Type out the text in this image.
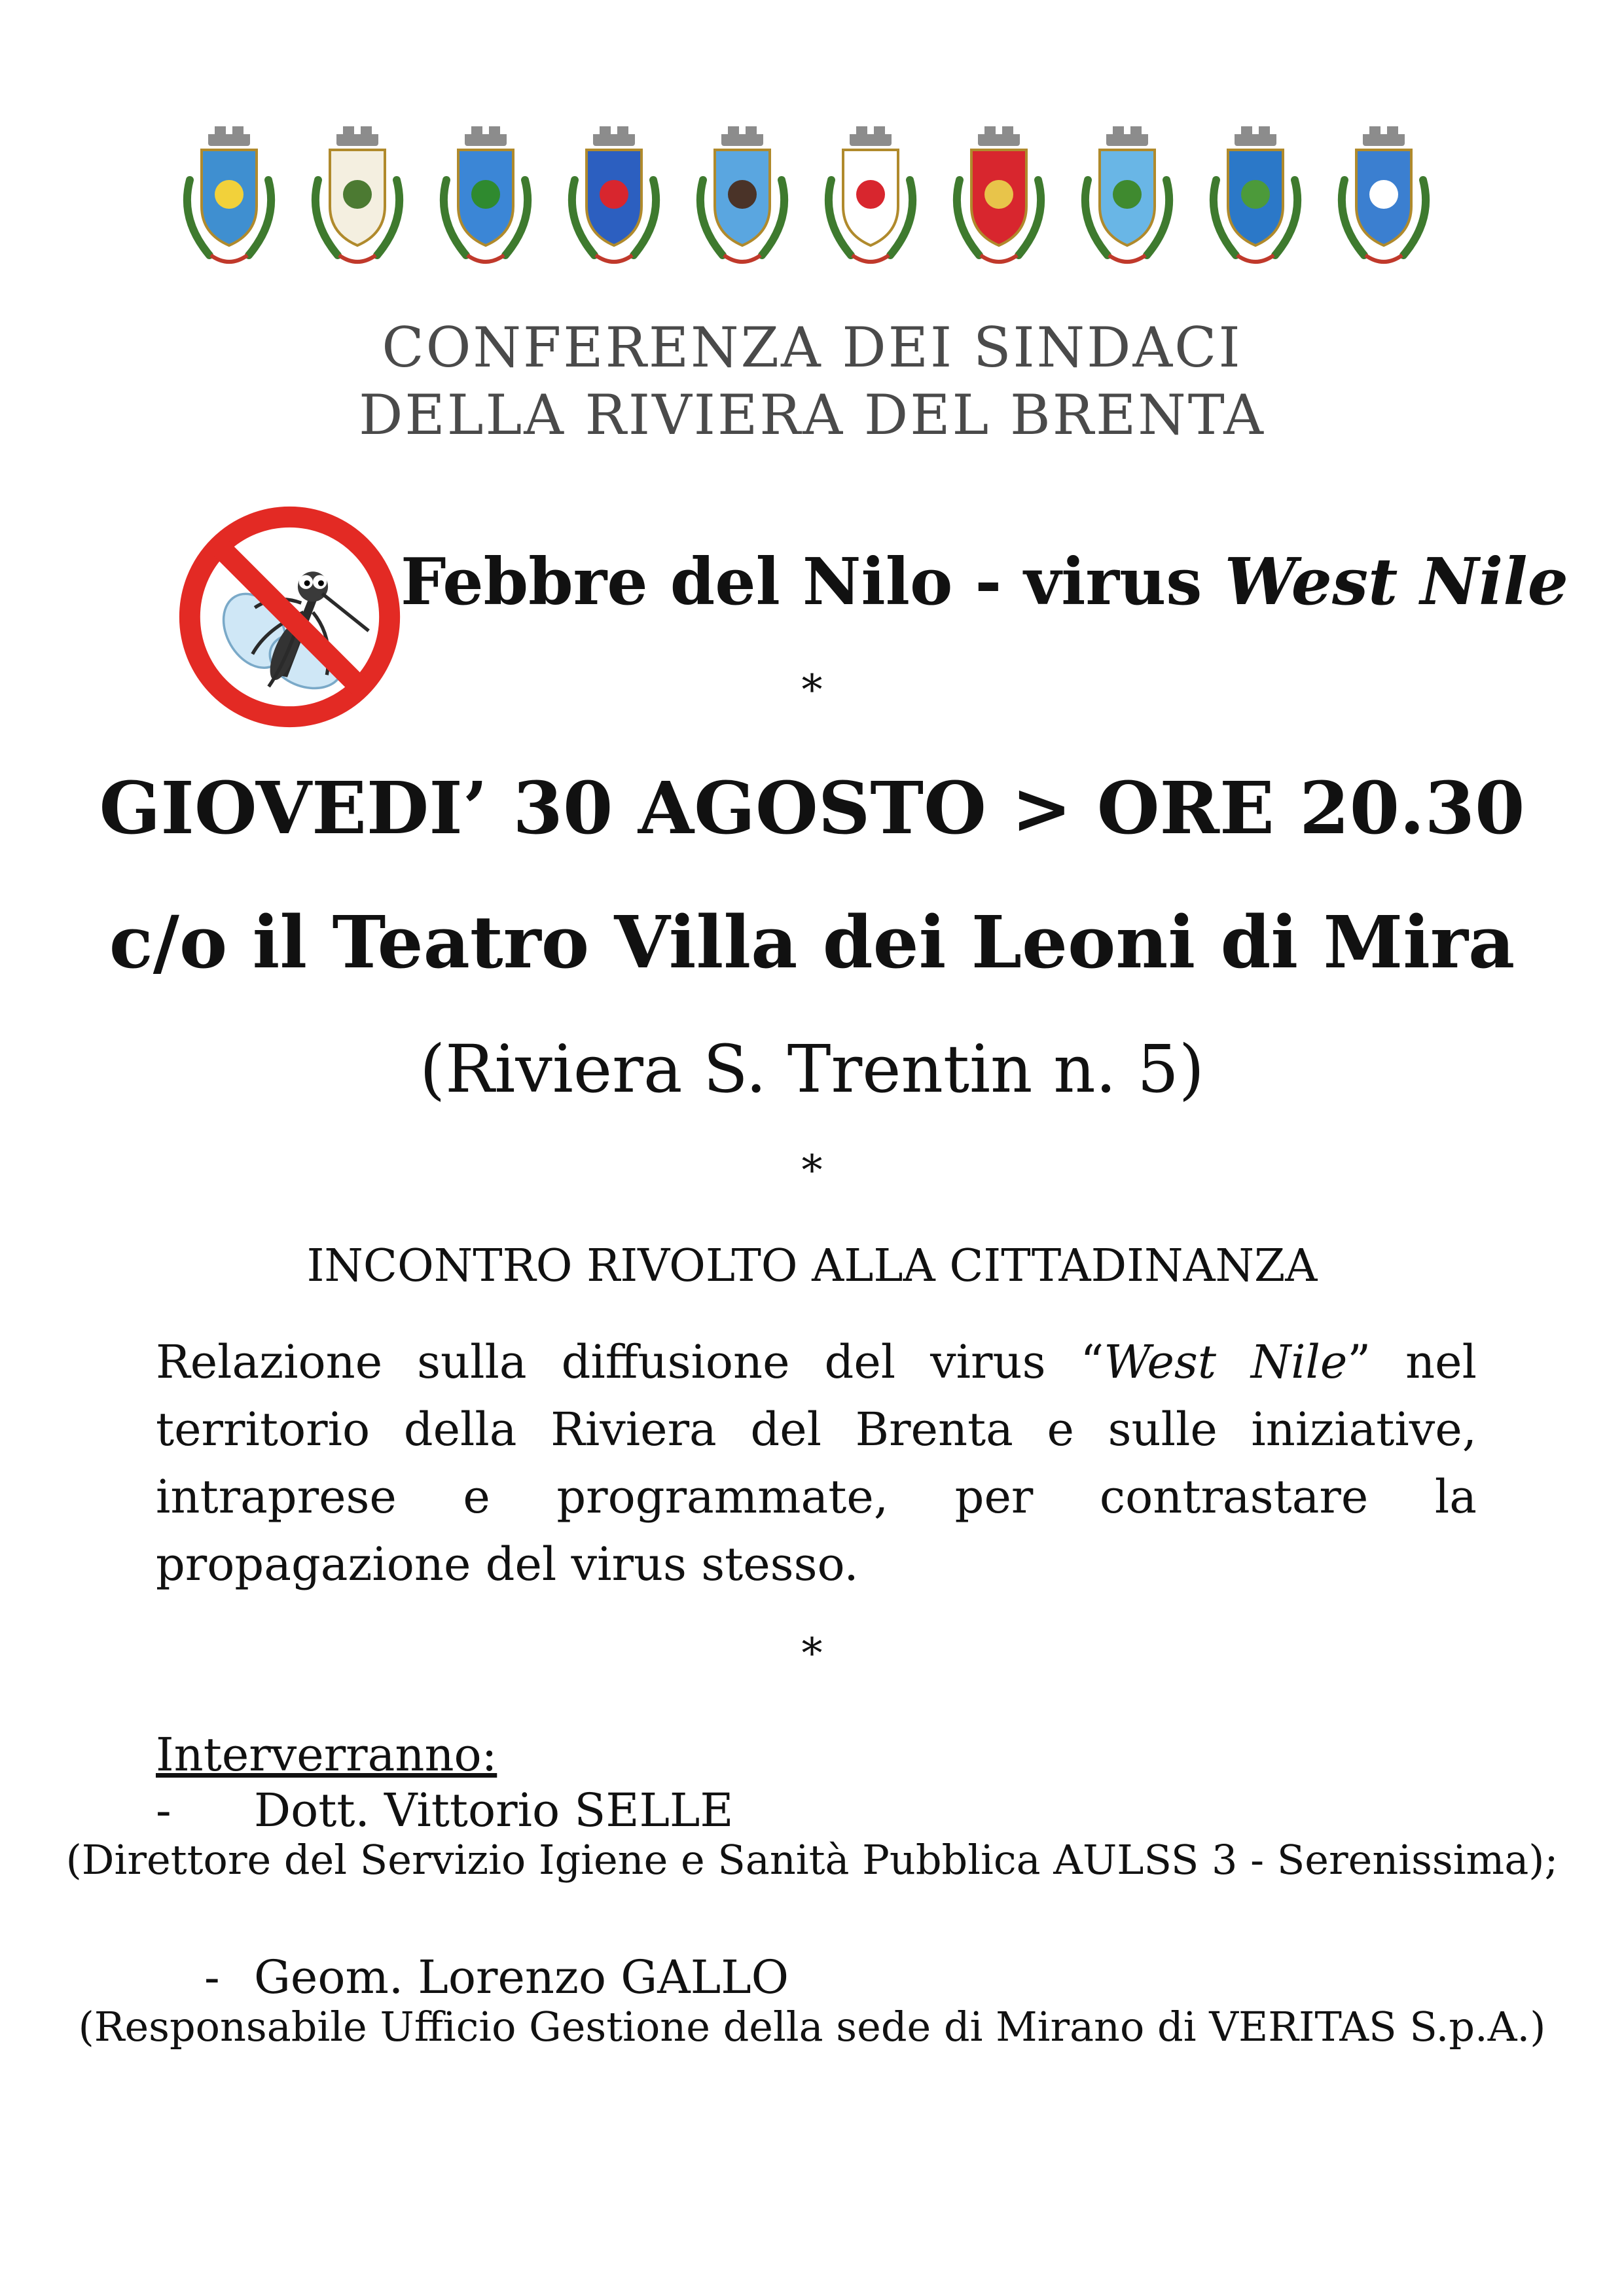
CONFERENZA DEI SINDACI
DELLA RIVIERA DEL BRENTA
Febbre del Nilo - virus West Nile
*
GIOVEDI’ 30 AGOSTO > ORE 20.30
c/o il Teatro Villa dei Leoni di Mira
(Riviera S. Trentin n. 5)
*
INCONTRO RIVOLTO ALLA CITTADINANZA
Relazione sulla diffusione del virus “West Nile” nel territorio della Riviera del Brenta e sulle iniziative, intraprese e programmate, per contrastare la propagazione del virus stesso.
*
Interverranno:
- Dott. Vittorio SELLE
(Direttore del Servizio Igiene e Sanità Pubblica AULSS 3 - Serenissima);
- Geom. Lorenzo GALLO
(Responsabile Ufficio Gestione della sede di Mirano di VERITAS S.p.A.)
